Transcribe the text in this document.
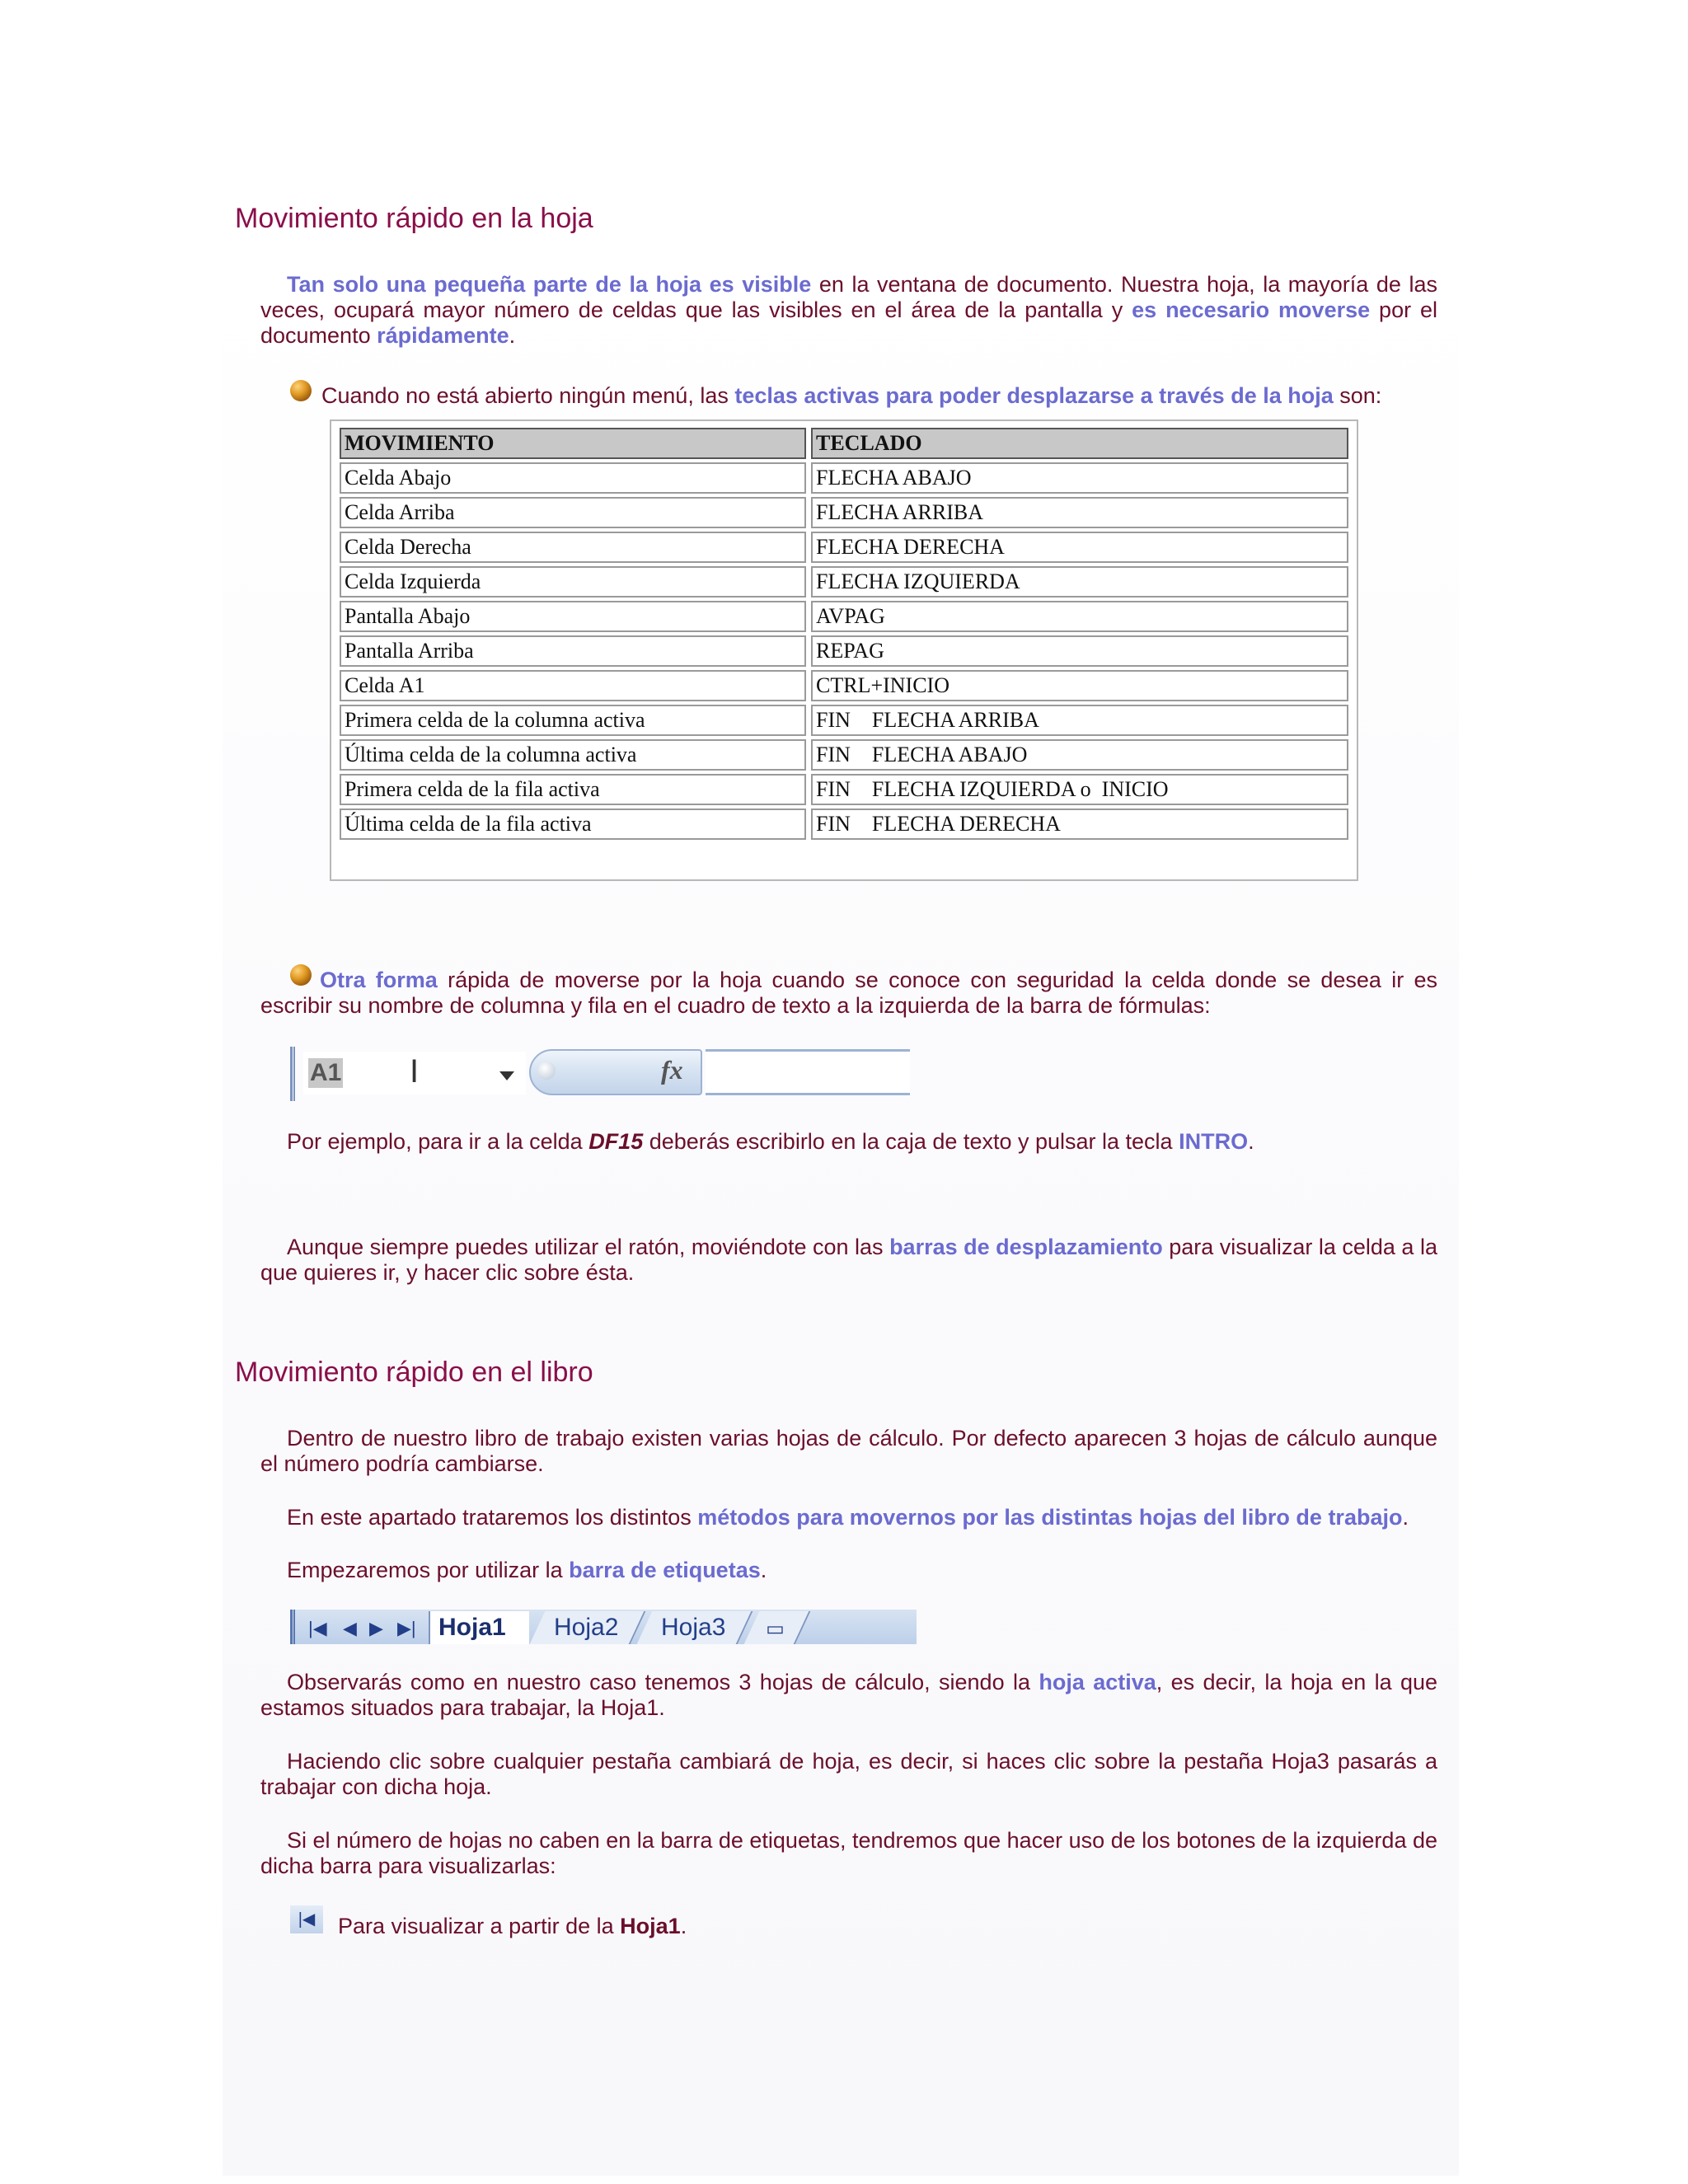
Movimiento rápido en la hoja

Tan solo una pequeña parte de la hoja es visible en la ventana de documento. Nuestra hoja, la mayoría de las veces, ocupará mayor número de celdas que las visibles en el área de la pantalla y es necesario moverse por el documento rápidamente.

Cuando no está abierto ningún menú, las teclas activas para poder desplazarse a través de la hoja son:

MOVIMIENTO	TECLADO
Celda Abajo	FLECHA ABAJO
Celda Arriba	FLECHA ARRIBA
Celda Derecha	FLECHA DERECHA
Celda Izquierda	FLECHA IZQUIERDA
Pantalla Abajo	AVPAG
Pantalla Arriba	REPAG
Celda A1	CTRL+INICIO
Primera celda de la columna activa	FIN    FLECHA ARRIBA
Última celda de la columna activa	FIN    FLECHA ABAJO
Primera celda de la fila activa	FIN    FLECHA IZQUIERDA o  INICIO
Última celda de la fila activa	FIN    FLECHA DERECHA

Otra forma rápida de moverse por la hoja cuando se conoce con seguridad la celda donde se desea ir es escribir su nombre de columna y fila en el cuadro de texto a la izquierda de la barra de fórmulas:

A1 Ι	fx

Por ejemplo, para ir a la celda DF15 deberás escribirlo en la caja de texto y pulsar la tecla INTRO.

Aunque siempre puedes utilizar el ratón, moviéndote con las barras de desplazamiento para visualizar la celda a la que quieres ir, y hacer clic sobre ésta.

Movimiento rápido en el libro

Dentro de nuestro libro de trabajo existen varias hojas de cálculo. Por defecto aparecen 3 hojas de cálculo aunque el número podría cambiarse.

En este apartado trataremos los distintos métodos para movernos por las distintas hojas del libro de trabajo.

Empezaremos por utilizar la barra de etiquetas.

|◀ ◀ ▶ ▶| Hoja1	Hoja2	Hoja3	▭

Observarás como en nuestro caso tenemos 3 hojas de cálculo, siendo la hoja activa, es decir, la hoja en la que estamos situados para trabajar, la Hoja1.

Haciendo clic sobre cualquier pestaña cambiará de hoja, es decir, si haces clic sobre la pestaña Hoja3 pasarás a trabajar con dicha hoja.

Si el número de hojas no caben en la barra de etiquetas, tendremos que hacer uso de los botones de la izquierda de dicha barra para visualizarlas:

|◀	Para visualizar a partir de la Hoja1.
